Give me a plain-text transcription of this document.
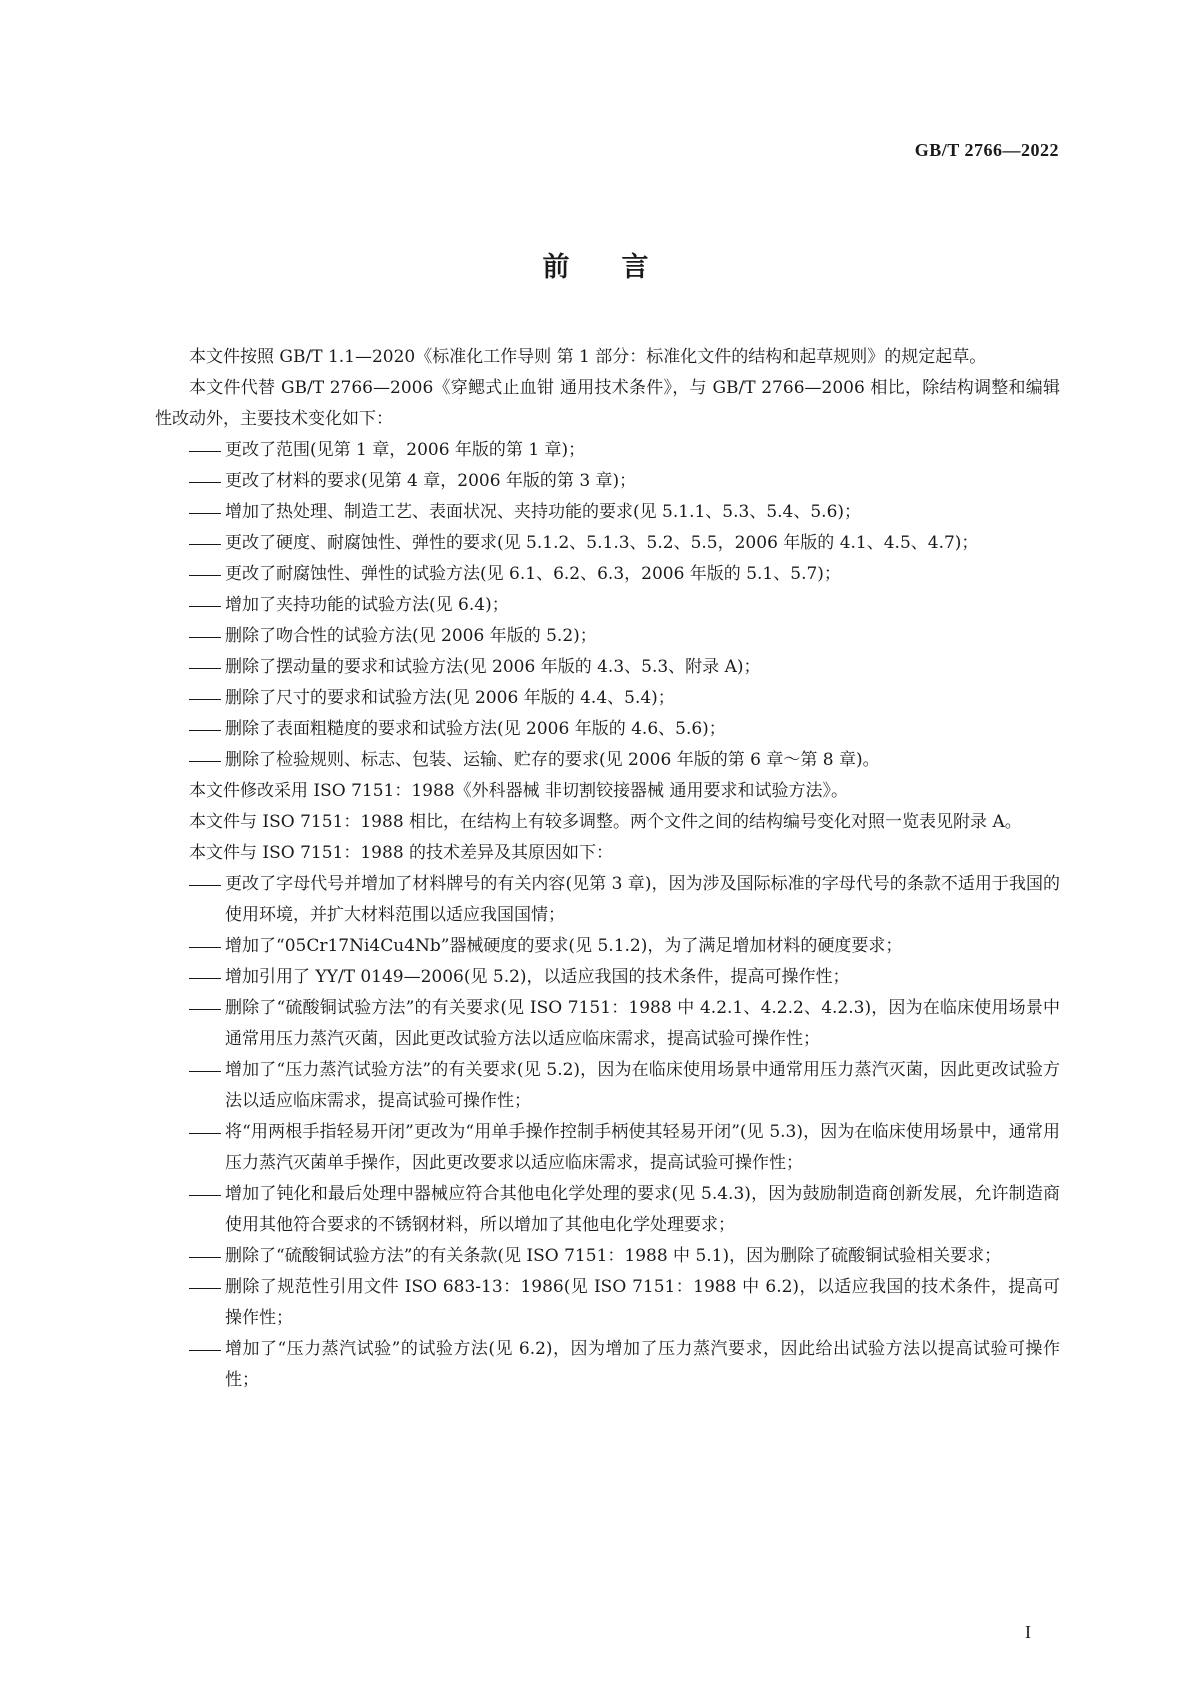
GB/T 2766—2022
前言

本文件按照 GB/T 1.1—2020《标准化工作导则 第 1 部分：标准化文件的结构和起草规则》的规定起草。

本文件代替 GB/T 2766—2006《穿鳃式止血钳 通用技术条件》，与 GB/T 2766—2006 相比，除结构调整和编辑性改动外，主要技术变化如下：

更改了范围(见第 1 章，2006 年版的第 1 章)；

更改了材料的要求(见第 4 章，2006 年版的第 3 章)；

增加了热处理、制造工艺、表面状况、夹持功能的要求(见 5.1.1、5.3、5.4、5.6)；

更改了硬度、耐腐蚀性、弹性的要求(见 5.1.2、5.1.3、5.2、5.5，2006 年版的 4.1、4.5、4.7)；

更改了耐腐蚀性、弹性的试验方法(见 6.1、6.2、6.3，2006 年版的 5.1、5.7)；

增加了夹持功能的试验方法(见 6.4)；

删除了吻合性的试验方法(见 2006 年版的 5.2)；

删除了摆动量的要求和试验方法(见 2006 年版的 4.3、5.3、附录 A)；

删除了尺寸的要求和试验方法(见 2006 年版的 4.4、5.4)；

删除了表面粗糙度的要求和试验方法(见 2006 年版的 4.6、5.6)；

删除了检验规则、标志、包装、运输、贮存的要求(见 2006 年版的第 6 章～第 8 章)。

本文件修改采用 ISO 7151：1988《外科器械 非切割铰接器械 通用要求和试验方法》。

本文件与 ISO 7151：1988 相比，在结构上有较多调整。两个文件之间的结构编号变化对照一览表见附录 A。

本文件与 ISO 7151：1988 的技术差异及其原因如下：

更改了字母代号并增加了材料牌号的有关内容(见第 3 章)，因为涉及国际标准的字母代号的条款不适用于我国的使用环境，并扩大材料范围以适应我国国情；

增加了“05Cr17Ni4Cu4Nb”器械硬度的要求(见 5.1.2)，为了满足增加材料的硬度要求；

增加引用了 YY/T 0149—2006(见 5.2)，以适应我国的技术条件，提高可操作性；

删除了“硫酸铜试验方法”的有关要求(见 ISO 7151：1988 中 4.2.1、4.2.2、4.2.3)，因为在临床使用场景中通常用压力蒸汽灭菌，因此更改试验方法以适应临床需求，提高试验可操作性；

增加了“压力蒸汽试验方法”的有关要求(见 5.2)，因为在临床使用场景中通常用压力蒸汽灭菌，因此更改试验方法以适应临床需求，提高试验可操作性；

将“用两根手指轻易开闭”更改为“用单手操作控制手柄使其轻易开闭”(见 5.3)，因为在临床使用场景中，通常用压力蒸汽灭菌单手操作，因此更改要求以适应临床需求，提高试验可操作性；

增加了钝化和最后处理中器械应符合其他电化学处理的要求(见 5.4.3)，因为鼓励制造商创新发展，允许制造商使用其他符合要求的不锈钢材料，所以增加了其他电化学处理要求；

删除了“硫酸铜试验方法”的有关条款(见 ISO 7151：1988 中 5.1)，因为删除了硫酸铜试验相关要求；

删除了规范性引用文件 ISO 683-13：1986(见 ISO 7151：1988 中 6.2)，以适应我国的技术条件，提高可操作性；

增加了“压力蒸汽试验”的试验方法(见 6.2)，因为增加了压力蒸汽要求，因此给出试验方法以提高试验可操作性；

I
